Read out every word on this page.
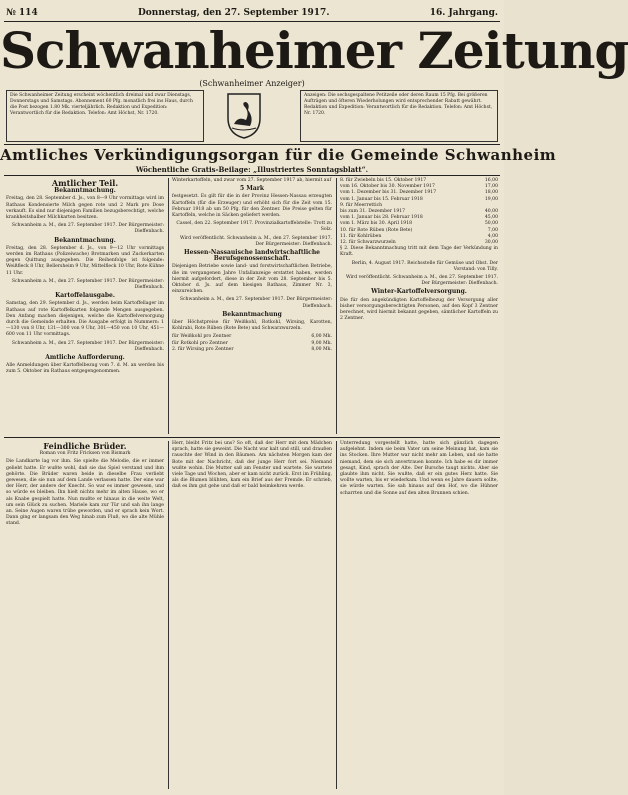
№ 114	Donnerstag, den 27. September 1917.	16. Jahrgang.
Schwanheimer Zeitung
(Schwanheimer Anzeiger)
Die Schwanheimer Zeitung erscheint wöchentlich dreimal und zwar Dienstags, Donnerstags und Samstags. Abonnement 60 Pfg. monatlich frei ins Haus, durch die Post bezogen 1.80 Mk. vierteljährlich. Redaktion und Expedition: Verantwortlich für die Redaktion. Telefon: Amt Höchst, Nr. 1720.
Anzeigen: Die sechsgespaltene Petitzeile oder deren Raum 15 Pfg. Bei größeren Aufträgen und öfteren Wiederholungen wird entsprechender Rabatt gewährt. Redaktion und Expedition: Verantwortlich für die Redaktion. Telefon: Amt Höchst, Nr. 1720.
Amtliches Verkündigungsorgan für die Gemeinde Schwanheim
Wöchentliche Gratis-Beilage: „Illustriertes Sonntagsblatt“.
Amtlicher Teil.
Bekanntmachung.

Freitag, den 28. September d. Js., von 8—9 Uhr vormittags wird im Rathaus Kondensierte Milch gegen rote und 2 Mark pro Dose verkauft. Es sind nur diejenigen Familien bezugsberechtigt, welche krankheitshalber Milchkarten besitzen.

Schwanheim a. M., den 27. September 1917. Der Bürgermeister: Dieffenbach.

Bekanntmachung.

Freitag, den 28. September d. Js., von 9—12 Uhr vormittags werden im Rathaus (Polizeiwache) Brotmarken und Zuckerkarten gegen Quittung ausgegeben. Die Reihenfolge ist folgende: Weißfleck 8 Uhr, Bellersheim 9 Uhr, Mittelfleck 10 Uhr, Rote Kühne 11 Uhr.

Schwanheim a. M., den 27. September 1917. Der Bürgermeister: Dieffenbach.

Kartoffelausgabe.

Samstag, den 29. September d. Js., werden beim Kartoffellager im Rathaus auf rote Kartoffelkarten folgende Mengen ausgegeben. Den Anfang machen diejenigen, welche die Kartoffelversorgung durch die Gemeinde erhalten. Die Ausgabe erfolgt in Nummern: 1—130 von 8 Uhr, 131—300 von 9 Uhr, 301—450 von 10 Uhr, 451—600 von 11 Uhr vormittags.

Schwanheim a. M., den 27. September 1917. Der Bürgermeister: Dieffenbach.

Amtliche Aufforderung.

Alle Anmeldungen über Kartoffelbezug vom 7. d. M. an werden bis zum 5. Oktober im Rathaus entgegengenommen.

Winterkartoffeln, und zwar vom 27. September 1917 ab, hiermit auf

5 Mark

festgesetzt. Es gilt für die in der Provinz Hessen-Nassau erzeugten Kartoffeln (für die Erzeuger) und erhöht sich für die Zeit vom 15. Februar 1918 ab um 50 Pfg. für den Zentner. Die Preise gelten für Kartoffeln, welche in Säcken geliefert werden.

Cassel, den 22. September 1917. Provinzialkartoffelstelle: Trott zu Solz.

Wird veröffentlicht. Schwanheim a. M., den 27. September 1917. Der Bürgermeister: Dieffenbach.

Hessen-Nassauische landwirtschaftliche Berufsgenossenschaft.

Diejenigen Betriebe sowie land- und forstwirtschaftlichen Betriebe, die im vergangenen Jahre Unfallanzeige erstattet haben, werden hiermit aufgefordert, diese in der Zeit vom 28. September bis 5. Oktober d. Js. auf dem hiesigen Rathaus, Zimmer Nr. 3, einzureichen.

Schwanheim a. M., den 27. September 1917. Der Bürgermeister: Dieffenbach.

Bekanntmachung

über Höchstpreise für Weißkohl, Rotkohl, Wirsing, Karotten, Kohlrabi, Rote Rüben (Rote Bete) und Schwarzwurzeln.

für Weißkohl pro Zentner	6,00 Mk.
für Rotkohl pro Zentner	9,00 Mk.
2. für Wirsing pro Zentner	8,00 Mk.
8. für Zwiebeln bis 15. Oktober 1917	16,00
vom 16. Oktober bis 30. November 1917	17,00
vom 1. Dezember bis 31. Dezember 1917	18,00
vom 1. Januar bis 15. Februar 1918	19,00
9. für Meerrettich
bis zum 31. Dezember 1917	40,00
vom 1. Januar bis 28. Februar 1918	45,00
vom 1. März bis 30. April 1918	50,00
10. für Rote Rüben (Rote Bete)	7,00
11. für Kohlrüben	4,00
12. für Schwarzwurzeln	30,00

§ 2. Diese Bekanntmachung tritt mit dem Tage der Verkündung in Kraft.

Berlin, 4. August 1917. Reichsstelle für Gemüse und Obst. Der Vorstand: von Tilly.

Wird veröffentlicht. Schwanheim a. M., den 27. September 1917. Der Bürgermeister: Dieffenbach.

Winter-Kartoffelversorgung.

Die für den angekündigten Kartoffelbezug der Versorgung aller bisher versorgungsberechtigten Personen, auf den Kopf 3 Zentner berechnet, wird hiermit bekannt gegeben, sämtlicher Kartoffeln zu 2 Zentner.

Feindliche Brüder.

Roman von Fritz Fricksen von Bismark

Die Landkarte lag vor ihm. Sie spielte die Melodie, die er immer geliebt hatte. Er wußte wohl, daß sie das Spiel verstand und ihm gehörte. Die Brüder waren beide in dieselbe Frau verliebt gewesen, die sie nun auf dem Lande verlassen hatte. Der eine war der Herr, der andere der Knecht. So war es immer gewesen, und so würde es bleiben. Ihn hielt nichts mehr im alten Hause, wo er als Knabe gespielt hatte. Nun mußte er hinaus in die weite Welt, um sein Glück zu suchen. Mariele kam zur Tür und sah ihn lange an. Seine Augen waren trübe geworden, und er sprach kein Wort. Dann ging er langsam den Weg hinab zum Fluß, wo die alte Mühle stand.

Herr, bleibt Fritz bei uns? So oft, daß der Herr mit dem Mädchen sprach, hatte sie geweint. Die Nacht war kalt und still, und draußen rauschte der Wind in den Bäumen. Am nächsten Morgen kam der Bote mit der Nachricht, daß der junge Herr fort sei. Niemand wußte wohin. Die Mutter saß am Fenster und wartete. Sie wartete viele Tage und Wochen, aber er kam nicht zurück. Erst im Frühling, als die Blumen blühten, kam ein Brief aus der Fremde. Er schrieb, daß es ihm gut gehe und daß er bald heimkehren werde.

Unterredung vorgestellt hatte, hatte sich gänzlich dagegen aufgelehnt. Indem sie beim Vater um seine Meinung bat, kam sie ins Stocken. Ihre Mutter war nicht mehr am Leben, und sie hatte niemand, dem sie sich anvertrauen konnte. Ich habe es dir immer gesagt, Kind, sprach der Alte. Der Bursche taugt nichts. Aber sie glaubte ihm nicht. Sie wußte, daß er ein gutes Herz hatte. Sie wollte warten, bis er wiederkam. Und wenn es Jahre dauern sollte, sie würde warten. Sie sah hinaus auf den Hof, wo die Hühner scharrten und die Sonne auf den alten Brunnen schien.
